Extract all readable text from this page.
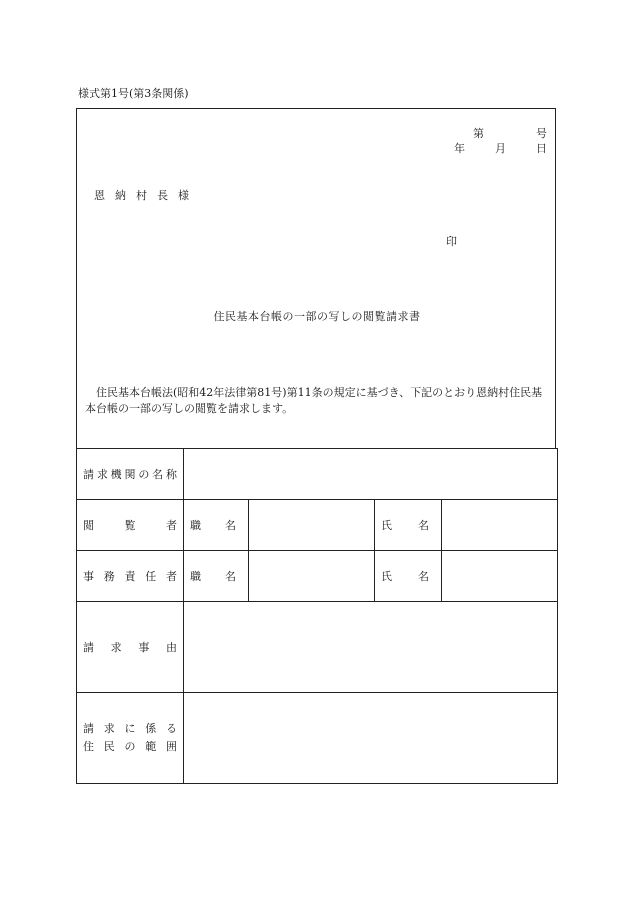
様式第1号(第3条関係)
第	号
年	月	日
恩納村長様
印
住民基本台帳の一部の写しの閲覧請求書
住民基本台帳法(昭和42年法律第81号)第11条の規定に基づき、下記のとおり恩納村住民基本台帳の一部の写しの閲覧を請求します。
請求機関の名称				
閲覧者	職名		氏名	
事務責任者	職名		氏名	
請求事由				

請求に係る
住民の範囲				
